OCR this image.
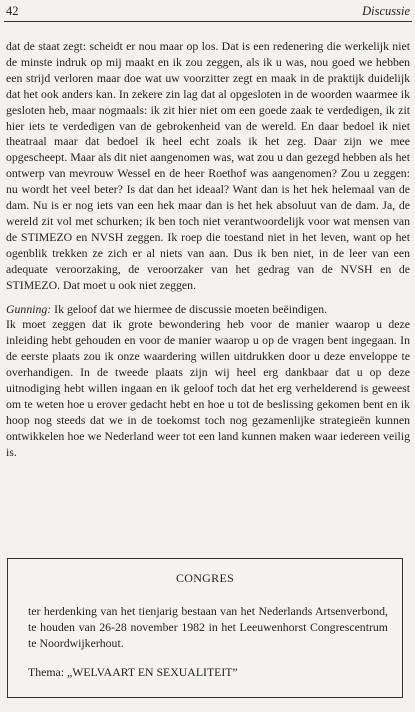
42	Discussie

dat de staat zegt: scheidt er nou maar op los. Dat is een redenering die werkelijk niet de minste indruk op mij maakt en ik zou zeggen, als ik u was, nou goed we hebben een strijd verloren maar doe wat uw voorzitter zegt en maak in de praktijk duidelijk dat het ook anders kan. In zekere zin lag dat al opgesloten in de woorden waarmee ik gesloten heb, maar nogmaals: ik zit hier niet om een goede zaak te verdedigen, ik zit hier iets te verdedigen van de gebrokenheid van de wereld. En daar bedoel ik niet theatraal maar dat bedoel ik heel echt zoals ik het zeg. Daar zijn we mee opgescheept. Maar als dit niet aangenomen was, wat zou u dan gezegd hebben als het ontwerp van mevrouw Wessel en de heer Roethof was aangenomen? Zou u zeggen: nu wordt het veel beter? Is dat dan het ideaal? Want dan is het hek helemaal van de dam. Nu is er nog iets van een hek maar dan is het hek absoluut van de dam. Ja, de wereld zit vol met schurken; ik ben toch niet verantwoordelijk voor wat mensen van de STIMEZO en NVSH zeggen. Ik roep die toestand niet in het leven, want op het ogenblik trekken ze zich er al niets van aan. Dus ik ben niet, in de leer van een adequate veroorzaking, de veroorzaker van het gedrag van de NVSH en de STIMEZO. Dat moet u ook niet zeggen.

Gunning: Ik geloof dat we hiermee de discussie moeten beëindigen.

Ik moet zeggen dat ik grote bewondering heb voor de manier waarop u deze inleiding hebt gehouden en voor de manier waarop u op de vragen bent ingegaan. In de eerste plaats zou ik onze waardering willen uitdrukken door u deze enveloppe te overhandigen. In de tweede plaats zijn wij heel erg dankbaar dat u op deze uitnodiging hebt willen ingaan en ik geloof toch dat het erg verhelderend is geweest om te weten hoe u erover gedacht hebt en hoe u tot de beslissing gekomen bent en ik hoop nog steeds dat we in de toekomst toch nog gezamenlijke strategieën kunnen ontwikkelen hoe we Nederland weer tot een land kunnen maken waar iedereen veilig is.

CONGRES
ter herdenking van het tienjarig bestaan van het Nederlands Artsenverbond, te houden van 26-28 november 1982 in het Leeuwenhorst Congrescentrum te Noordwijkerhout.
Thema: „WELVAART EN SEXUALITEIT”
